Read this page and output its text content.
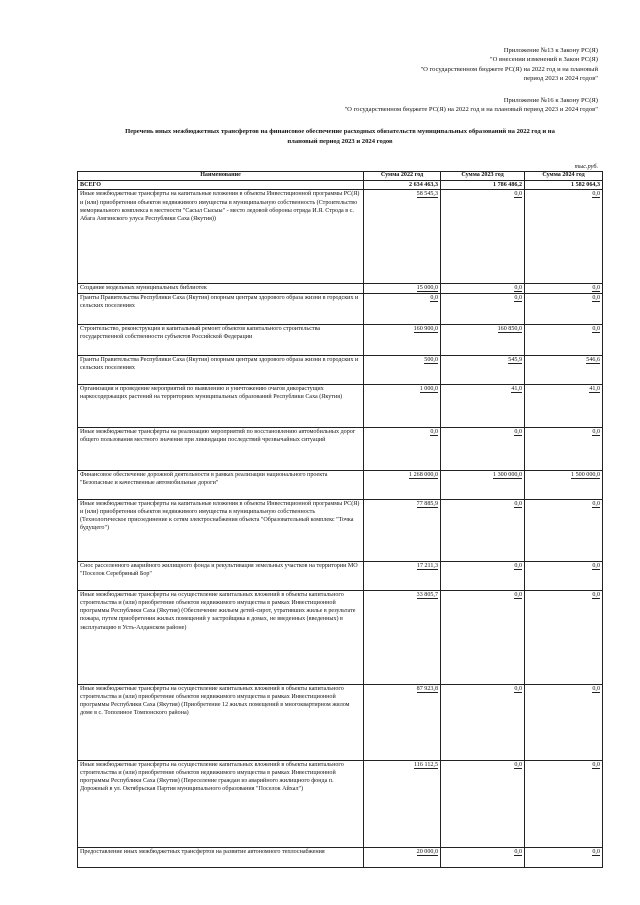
Приложение №13 к Закону РС(Я)
"О внесении изменений в Закон РС(Я)
"О государственном бюджете РС(Я) на 2022 год и на плановый
период 2023 и 2024 годов"
Приложение №16 к Закону РС(Я)
"О государственном бюджете РС(Я) на 2022 год и на плановый период 2023 и 2024 годов"
Перечень иных межбюджетных трансфертов на финансовое обеспечение расходных обязательств муниципальных образований на 2022 год и на
плановый период 2023 и 2024 годов
тыс.руб.
Наименование	Сумма 2022 год	Сумма 2023 год	Сумма 2024 год
ВСЕГО	2 634 463,3	1 786 486,2	1 582 064,3
Иные межбюджетные трансферты на капитальные вложения в объекты Инвестиционной программы РС(Я) и (или) приобретения объектов недвижимого имущества в муниципальную собственность (Строительство мемориального комплекса в местности "Сасыл Сысыы" - место ледовой обороны отряда И.Я. Строда в с. Абага Амгинского улуса Республики Саха (Якутия))	58 545,3	0,0	0,0
Создание модельных муниципальных библиотек	15 000,0	0,0	0,0
Гранты Правительства Республики Саха (Якутия) опорным центрам здорового образа жизни в городских и сельских поселениях	0,0	0,0	0,0
Строительство, реконструкция и капитальный ремонт объектов капитального строительства государственной собственности субъектов Российской Федерации	160 900,0	160 850,0	0,0
Гранты Правительства Республики Саха (Якутия) опорным центрам здорового образа жизни в городских и сельских поселениях	500,0	545,9	546,6
Организация и проведение мероприятий по выявлению и уничтожению очагов дикорастущих наркосодержащих растений на территориях муниципальных образований Республики Саха (Якутия)	1 000,0	41,0	41,0
Иные межбюджетные трансферты на реализацию мероприятий по восстановлению автомобильных дорог общего пользования местного значения при ликвидации последствий чрезвычайных ситуаций	0,0	0,0	0,0
Финансовое обеспечение дорожной деятельности в рамках реализации национального проекта "Безопасные и качественные автомобильные дороги"	1 268 000,0	1 300 000,0	1 500 000,0
Иные межбюджетные трансферты на капитальные вложения в объекты Инвестиционной программы РС(Я) и (или) приобретения объектов недвижимого имущества в муниципальную собственность (Технологическое присоединение к сетям электроснабжения объекта "Образовательный комплекс "Точка будущего")	77 885,9	0,0	0,0
Снос расселенного аварийного жилищного фонда и рекультивация земельных участков на территории МО "Поселок Серебряный Бор"	17 211,3	0,0	0,0
Иные межбюджетные трансферты на осуществление капитальных вложений в объекты капитального строительства и (или) приобретение объектов недвижимого имущества в рамках Инвестиционной программы Республики Саха (Якутия) (Обеспечение жильем детей-сирот, утративших жилье в результате пожара, путем приобретения жилых помещений у застройщика в домах, не введенных (введенных) в эксплуатацию в Усть-Алданском районе)	33 805,7	0,0	0,0
Иные межбюджетные трансферты на осуществление капитальных вложений в объекты капитального строительства и (или) приобретение объектов недвижимого имущества в рамках Инвестиционной программы Республики Саха (Якутия) (Приобретение 12 жилых помещений в многоквартирном жилом доме в с. Тополиное Томпонского района)	87 923,8	0,0	0,0
Иные межбюджетные трансферты на осуществление капитальных вложений в объекты капитального строительства и (или) приобретение объектов недвижимого имущества в рамках Инвестиционной программы Республики Саха (Якутия) (Переселение граждан из аварийного жилищного фонда п. Дорожный в ул. Октябрьская Партия муниципального образования "Поселок Айхал")	116 112,5	0,0	0,0
Предоставление иных межбюджетных трансфертов на развитие автономного теплоснабжения	20 000,0	0,0	0,0
